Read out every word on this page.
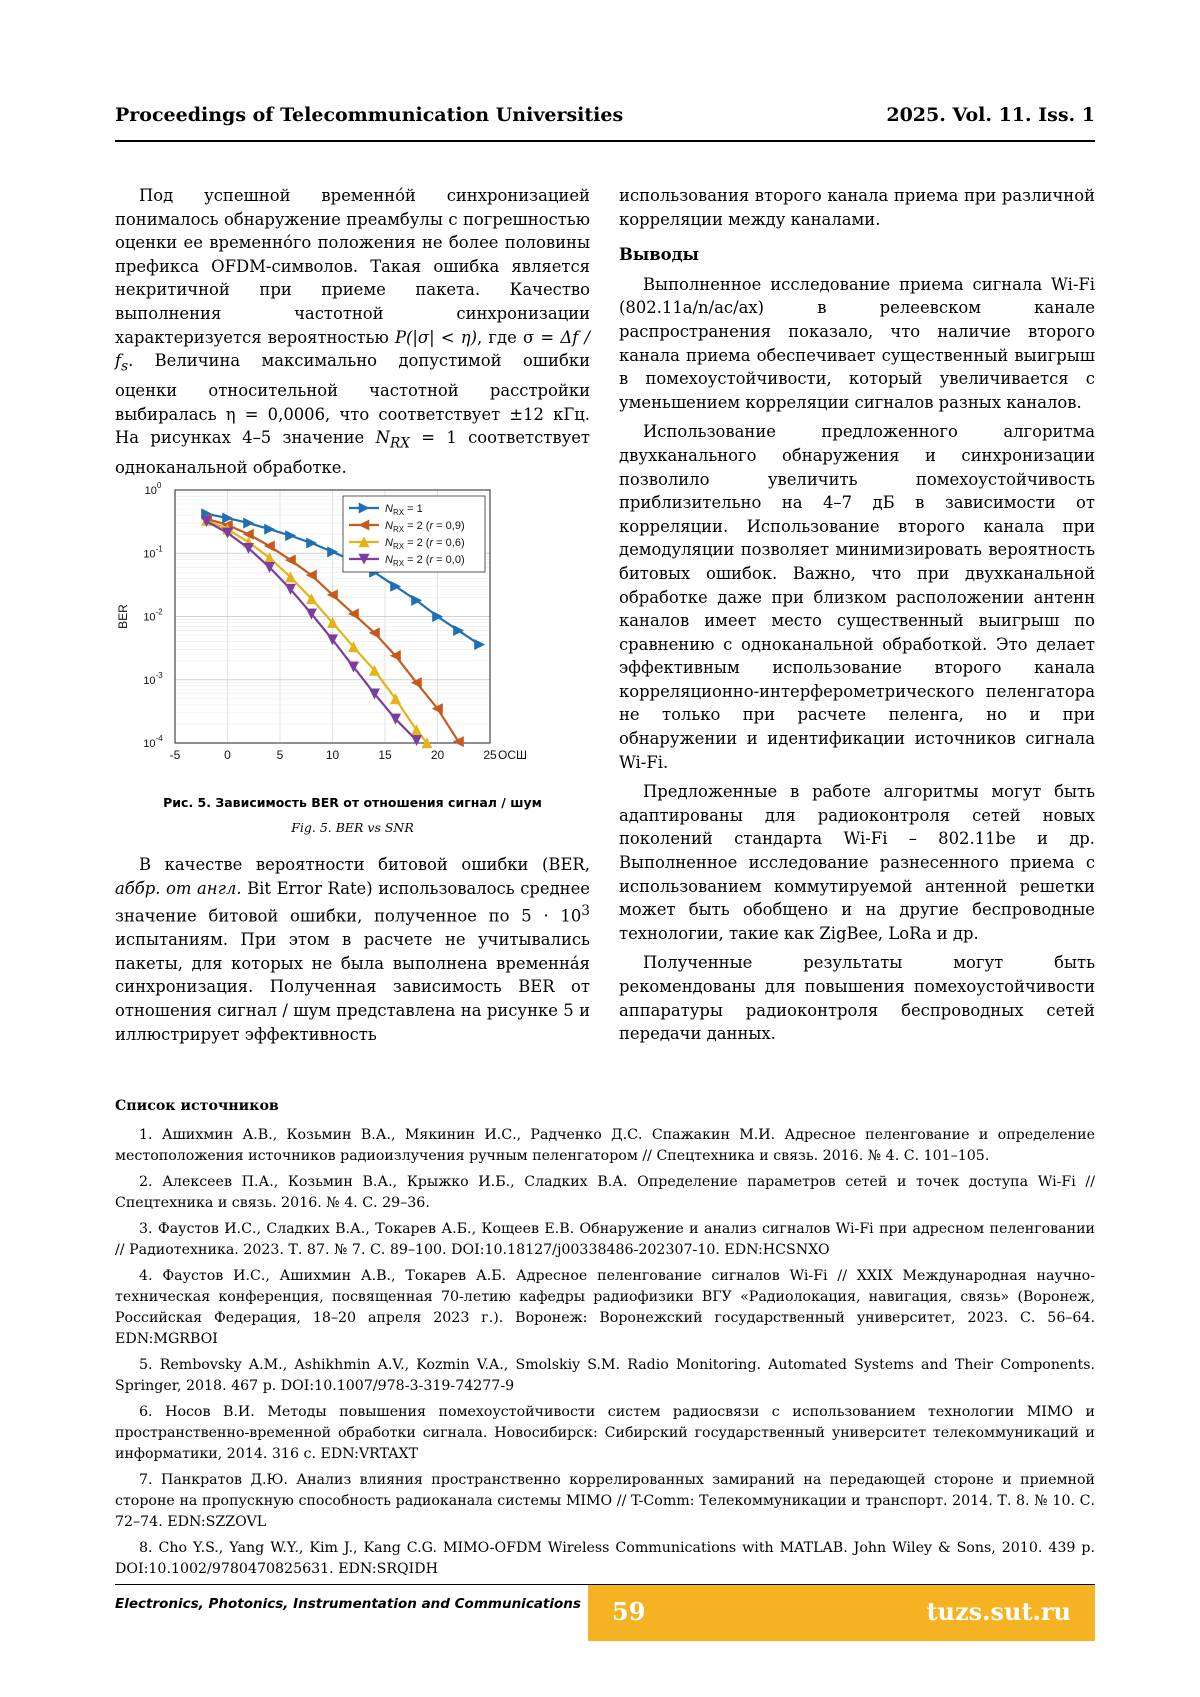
Proceedings of Telecommunication Universities	2025. Vol. 11. Iss. 1

Под успешной временно́й синхронизацией понималось обнаружение преамбулы с погрешностью оценки ее временно́го положения не более половины префикса OFDM-символов. Такая ошибка является некритичной при приеме пакета. Качество выполнения частотной синхронизации характеризуется вероятностью P(|σ| < η), где $\sigma = \Delta f / f_s$. Величина максимально допустимой ошибки оценки относительной частотной расстройки выбиралась η = 0,0006, что соответствует ±12 кГц. На рисунках 4–5 значение $N_{RX} = 1$ соответствует одноканальной обработке.

-5	0	5	10	15	20	25 ОСШ
$10^0$
$10^{-1}$
$10^{-2}$
$10^{-3}$
$10^{-4}$
BER
$N_{RX} = 1$
$N_{RX} = 2$ (r = 0,9)
$N_{RX} = 2$ (r = 0,6)
$N_{RX} = 2$ (r = 0,0)
Рис. 5. Зависимость BER от отношения сигнал / шум
Fig. 5. BER vs SNR

В качестве вероятности битовой ошибки (BER, аббр. от англ. Bit Error Rate) использовалось среднее значение битовой ошибки, полученное по $5 \cdot 10^3$ испытаниям. При этом в расчете не учитывались пакеты, для которых не была выполнена временна́я синхронизация. Полученная зависимость BER от отношения сигнал / шум представлена на рисунке 5 и иллюстрирует эффективность

использования второго канала приема при различной корреляции между каналами.

Выводы

Выполненное исследование приема сигнала Wi-Fi (802.11a/n/ac/ax) в релеевском канале распространения показало, что наличие второго канала приема обеспечивает существенный выигрыш в помехоустойчивости, который увеличивается с уменьшением корреляции сигналов разных каналов.

Использование предложенного алгоритма двухканального обнаружения и синхронизации позволило увеличить помехоустойчивость приблизительно на 4–7 дБ в зависимости от корреляции. Использование второго канала при демодуляции позволяет минимизировать вероятность битовых ошибок. Важно, что при двухканальной обработке даже при близком расположении антенн каналов имеет место существенный выигрыш по сравнению с одноканальной обработкой. Это делает эффективным использование второго канала корреляционно-интерферометрического пеленгатора не только при расчете пеленга, но и при обнаружении и идентификации источников сигнала Wi-Fi.

Предложенные в работе алгоритмы могут быть адаптированы для радиоконтроля сетей новых поколений стандарта Wi-Fi – 802.11be и др. Выполненное исследование разнесенного приема с использованием коммутируемой антенной решетки может быть обобщено и на другие беспроводные технологии, такие как ZigBee, LoRa и др.

Полученные результаты могут быть рекомендованы для повышения помехоустойчивости аппаратуры радиоконтроля беспроводных сетей передачи данных.

Список источников
1. Ашихмин А.В., Козьмин В.А., Мякинин И.С., Радченко Д.С. Спажакин М.И. Адресное пеленгование и определение местоположения источников радиоизлучения ручным пеленгатором // Спецтехника и связь. 2016. № 4. С. 101–105.
2. Алексеев П.А., Козьмин В.А., Крыжко И.Б., Сладких В.А. Определение параметров сетей и точек доступа Wi-Fi // Спецтехника и связь. 2016. № 4. С. 29–36.
3. Фаустов И.С., Сладких В.А., Токарев А.Б., Кощеев Е.В. Обнаружение и анализ сигналов Wi-Fi при адресном пеленговании // Радиотехника. 2023. Т. 87. № 7. С. 89–100. DOI:10.18127/j00338486-202307-10. EDN:HCSNXO
4. Фаустов И.С., Ашихмин А.В., Токарев А.Б. Адресное пеленгование сигналов Wi-Fi // XXIX Международная научно-техническая конференция, посвященная 70-летию кафедры радиофизики ВГУ «Радиолокация, навигация, связь» (Воронеж, Российская Федерация, 18–20 апреля 2023 г.). Воронеж: Воронежский государственный университет, 2023. С. 56–64. EDN:MGRBOI
5. Rembovsky A.M., Ashikhmin A.V., Kozmin V.A., Smolskiy S.M. Radio Monitoring. Automated Systems and Their Components. Springer, 2018. 467 p. DOI:10.1007/978-3-319-74277-9
6. Носов В.И. Методы повышения помехоустойчивости систем радиосвязи с использованием технологии MIMO и пространственно-временной обработки сигнала. Новосибирск: Сибирский государственный университет телекоммуникаций и информатики, 2014. 316 с. EDN:VRTAXT
7. Панкратов Д.Ю. Анализ влияния пространственно коррелированных замираний на передающей стороне и приемной стороне на пропускную способность радиоканала системы MIMO // T-Comm: Телекоммуникации и транспорт. 2014. Т. 8. № 10. С. 72–74. EDN:SZZOVL
8. Cho Y.S., Yang W.Y., Kim J., Kang C.G. MIMO-OFDM Wireless Communications with MATLAB. John Wiley & Sons, 2010. 439 p. DOI:10.1002/9780470825631. EDN:SRQIDH
Electronics, Photonics, Instrumentation and Communications 59	tuzs.sut.ru
